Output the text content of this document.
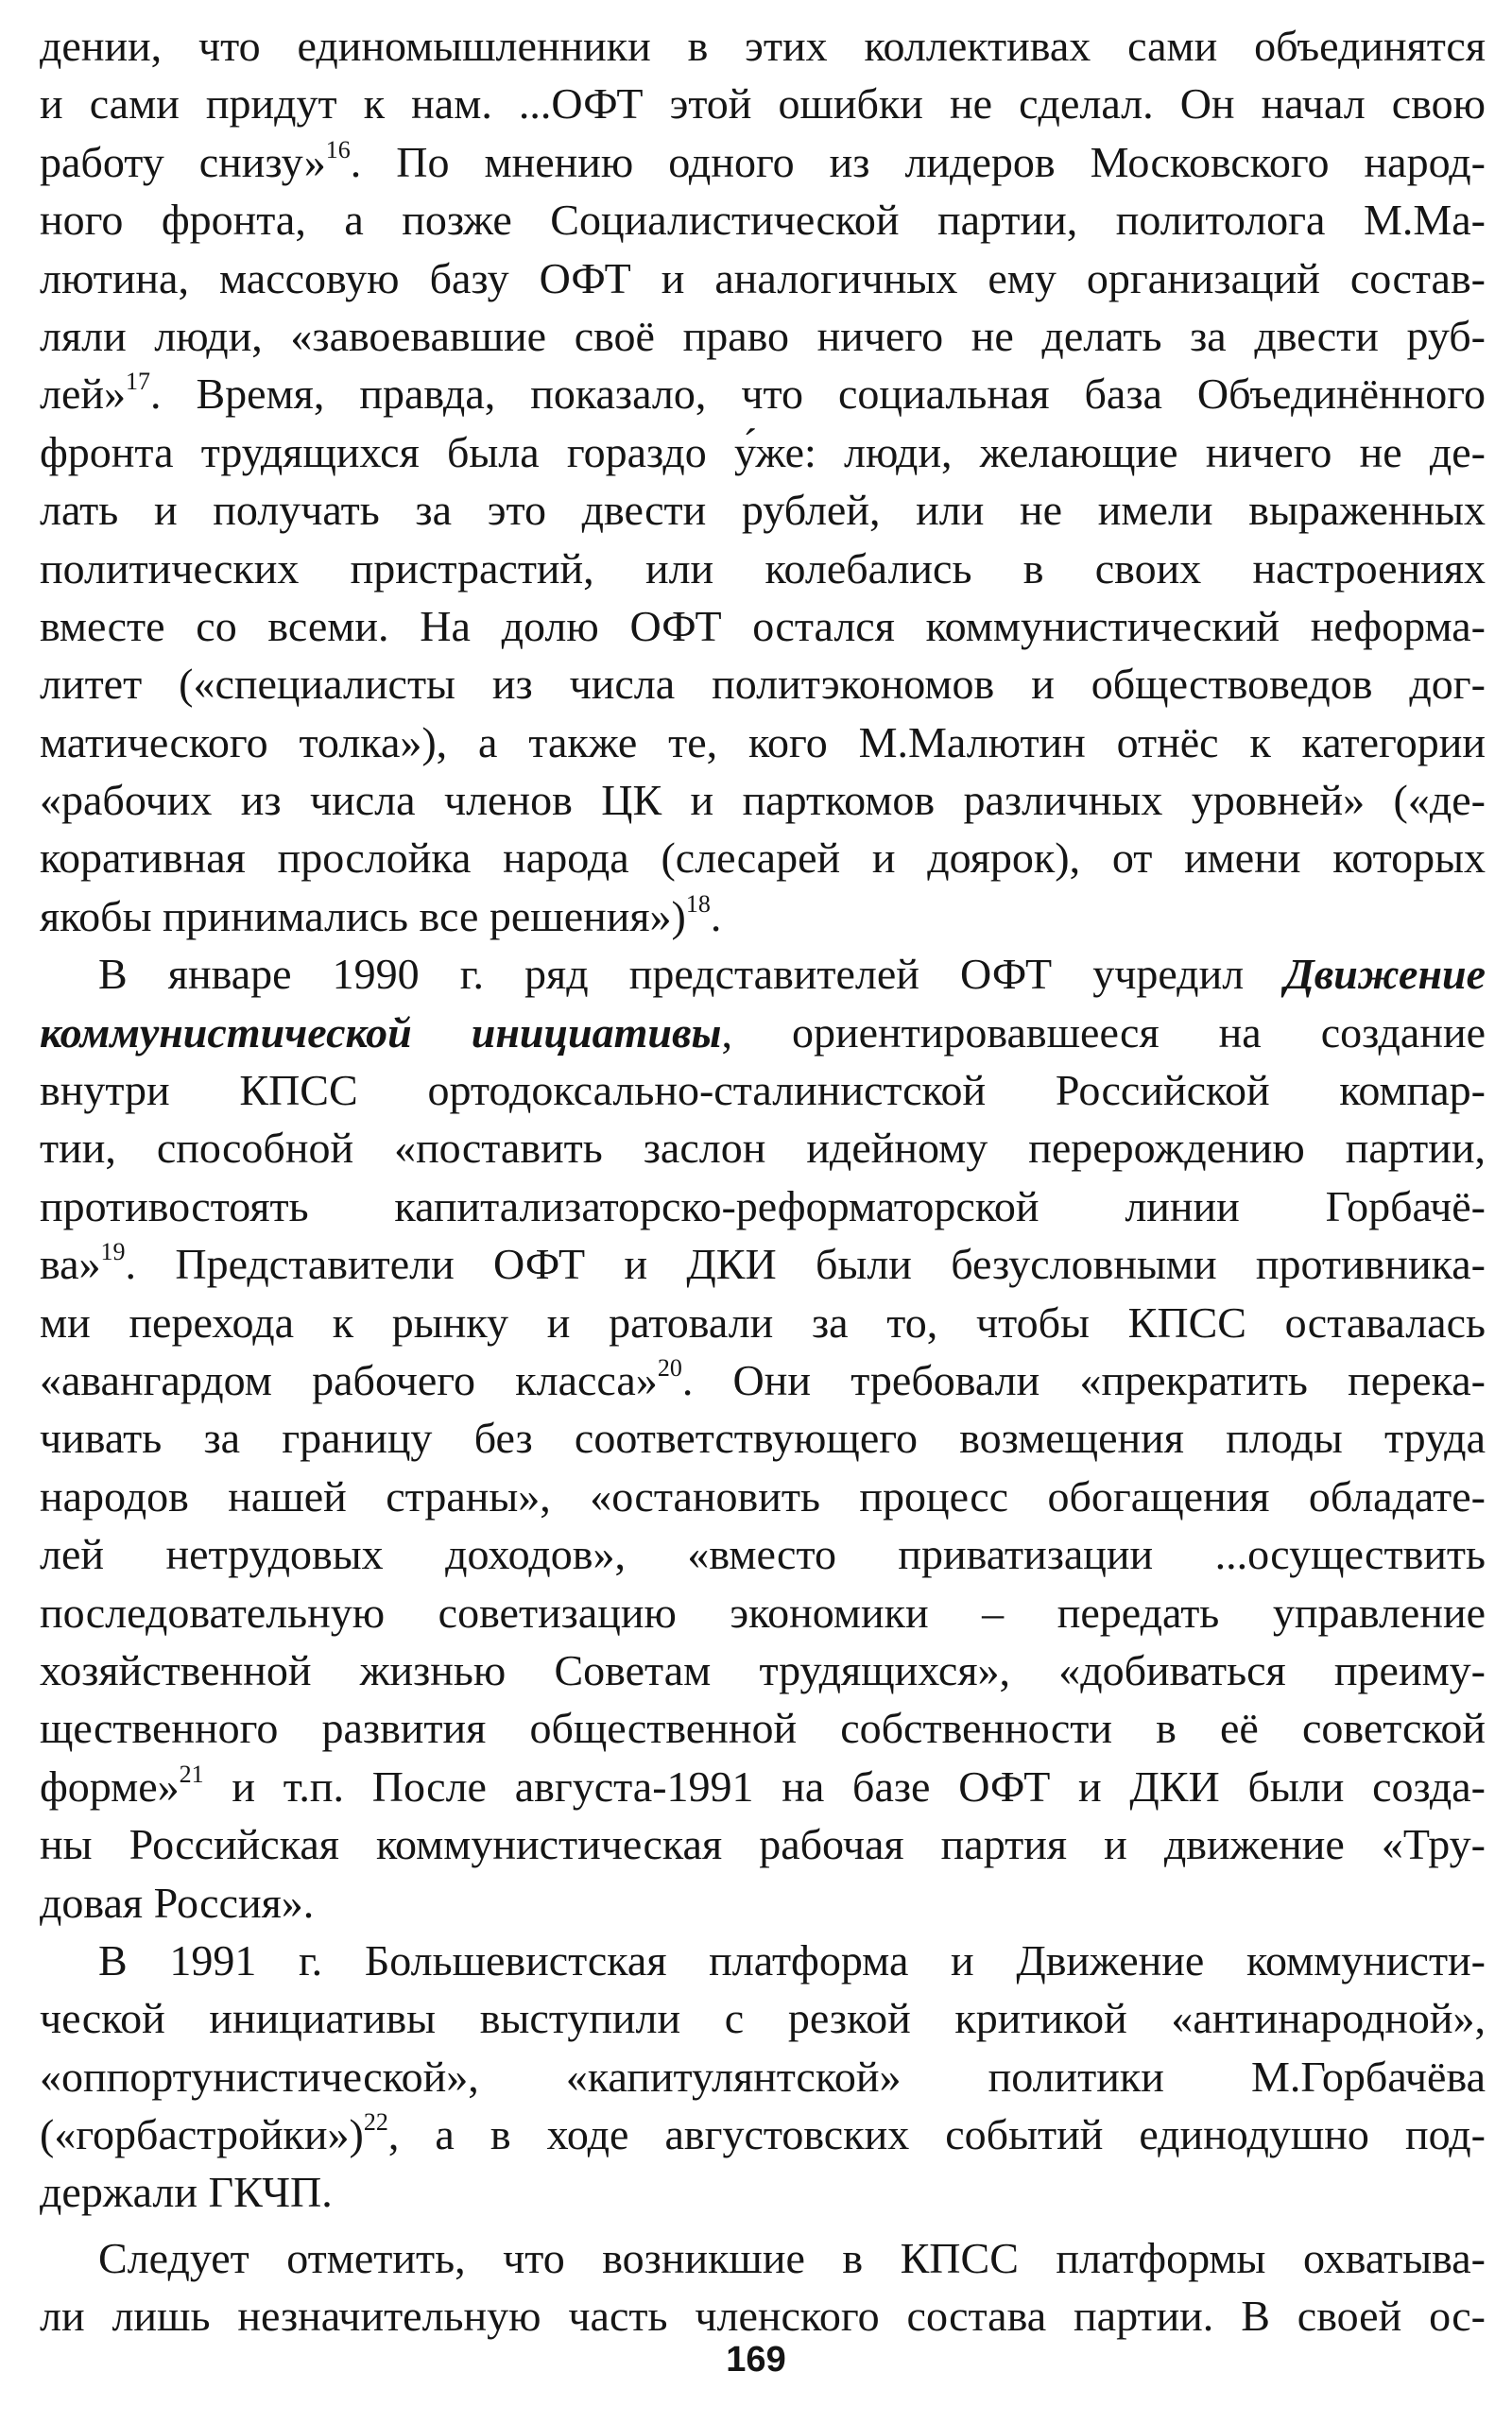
дении, что единомышленники в этих коллективах сами объединятся
и сами придут к нам. ...ОФТ этой ошибки не сделал. Он начал свою
работу снизу»$^{16}$. По мнению одного из лидеров Московского народ-
ного фронта, а позже Социалистической партии, политолога М.Ма-
лютина, массовую базу ОФТ и аналогичных ему организаций состав-
ляли люди, «завоевавшие своё право ничего не делать за двести руб-
лей»$^{17}$. Время, правда, показало, что социальная база Объединённого
фронта трудящихся была гораздо у́же: люди, желающие ничего не де-
лать и получать за это двести рублей, или не имели выраженных
политических пристрастий, или колебались в своих настроениях
вместе со всеми. На долю ОФТ остался коммунистический неформа-
литет («специалисты из числа политэкономов и обществоведов дог-
матического толка»), а также те, кого М.Малютин отнёс к категории
«рабочих из числа членов ЦК и парткомов различных уровней» («де-
коративная прослойка народа (слесарей и доярок), от имени которых
якобы принимались все решения»)$^{18}$.
В январе 1990 г. ряд представителей ОФТ учредил Движение
коммунистической инициативы, ориентировавшееся на создание
внутри КПСС ортодоксально-сталинистской Российской компар-
тии, способной «поставить заслон идейному перерождению партии,
противостоять капитализаторско-реформаторской линии Горбачё-
ва»$^{19}$. Представители ОФТ и ДКИ были безусловными противника-
ми перехода к рынку и ратовали за то, чтобы КПСС оставалась
«авангардом рабочего класса»$^{20}$. Они требовали «прекратить перека-
чивать за границу без соответствующего возмещения плоды труда
народов нашей страны», «остановить процесс обогащения обладате-
лей нетрудовых доходов», «вместо приватизации ...осуществить
последовательную советизацию экономики – передать управление
хозяйственной жизнью Советам трудящихся», «добиваться преиму-
щественного развития общественной собственности в её советской
форме»$^{21}$ и т.п. После августа-1991 на базе ОФТ и ДКИ были созда-
ны Российская коммунистическая рабочая партия и движение «Тру-
довая Россия».
В 1991 г. Большевистская платформа и Движение коммунисти-
ческой инициативы выступили с резкой критикой «антинародной»,
«оппортунистической», «капитулянтской» политики М.Горбачёва
(«горбастройки»)$^{22}$, а в ходе августовских событий единодушно под-
держали ГКЧП.
Следует отметить, что возникшие в КПСС платформы охватыва-
ли лишь незначительную часть членского состава партии. В своей ос-
169
